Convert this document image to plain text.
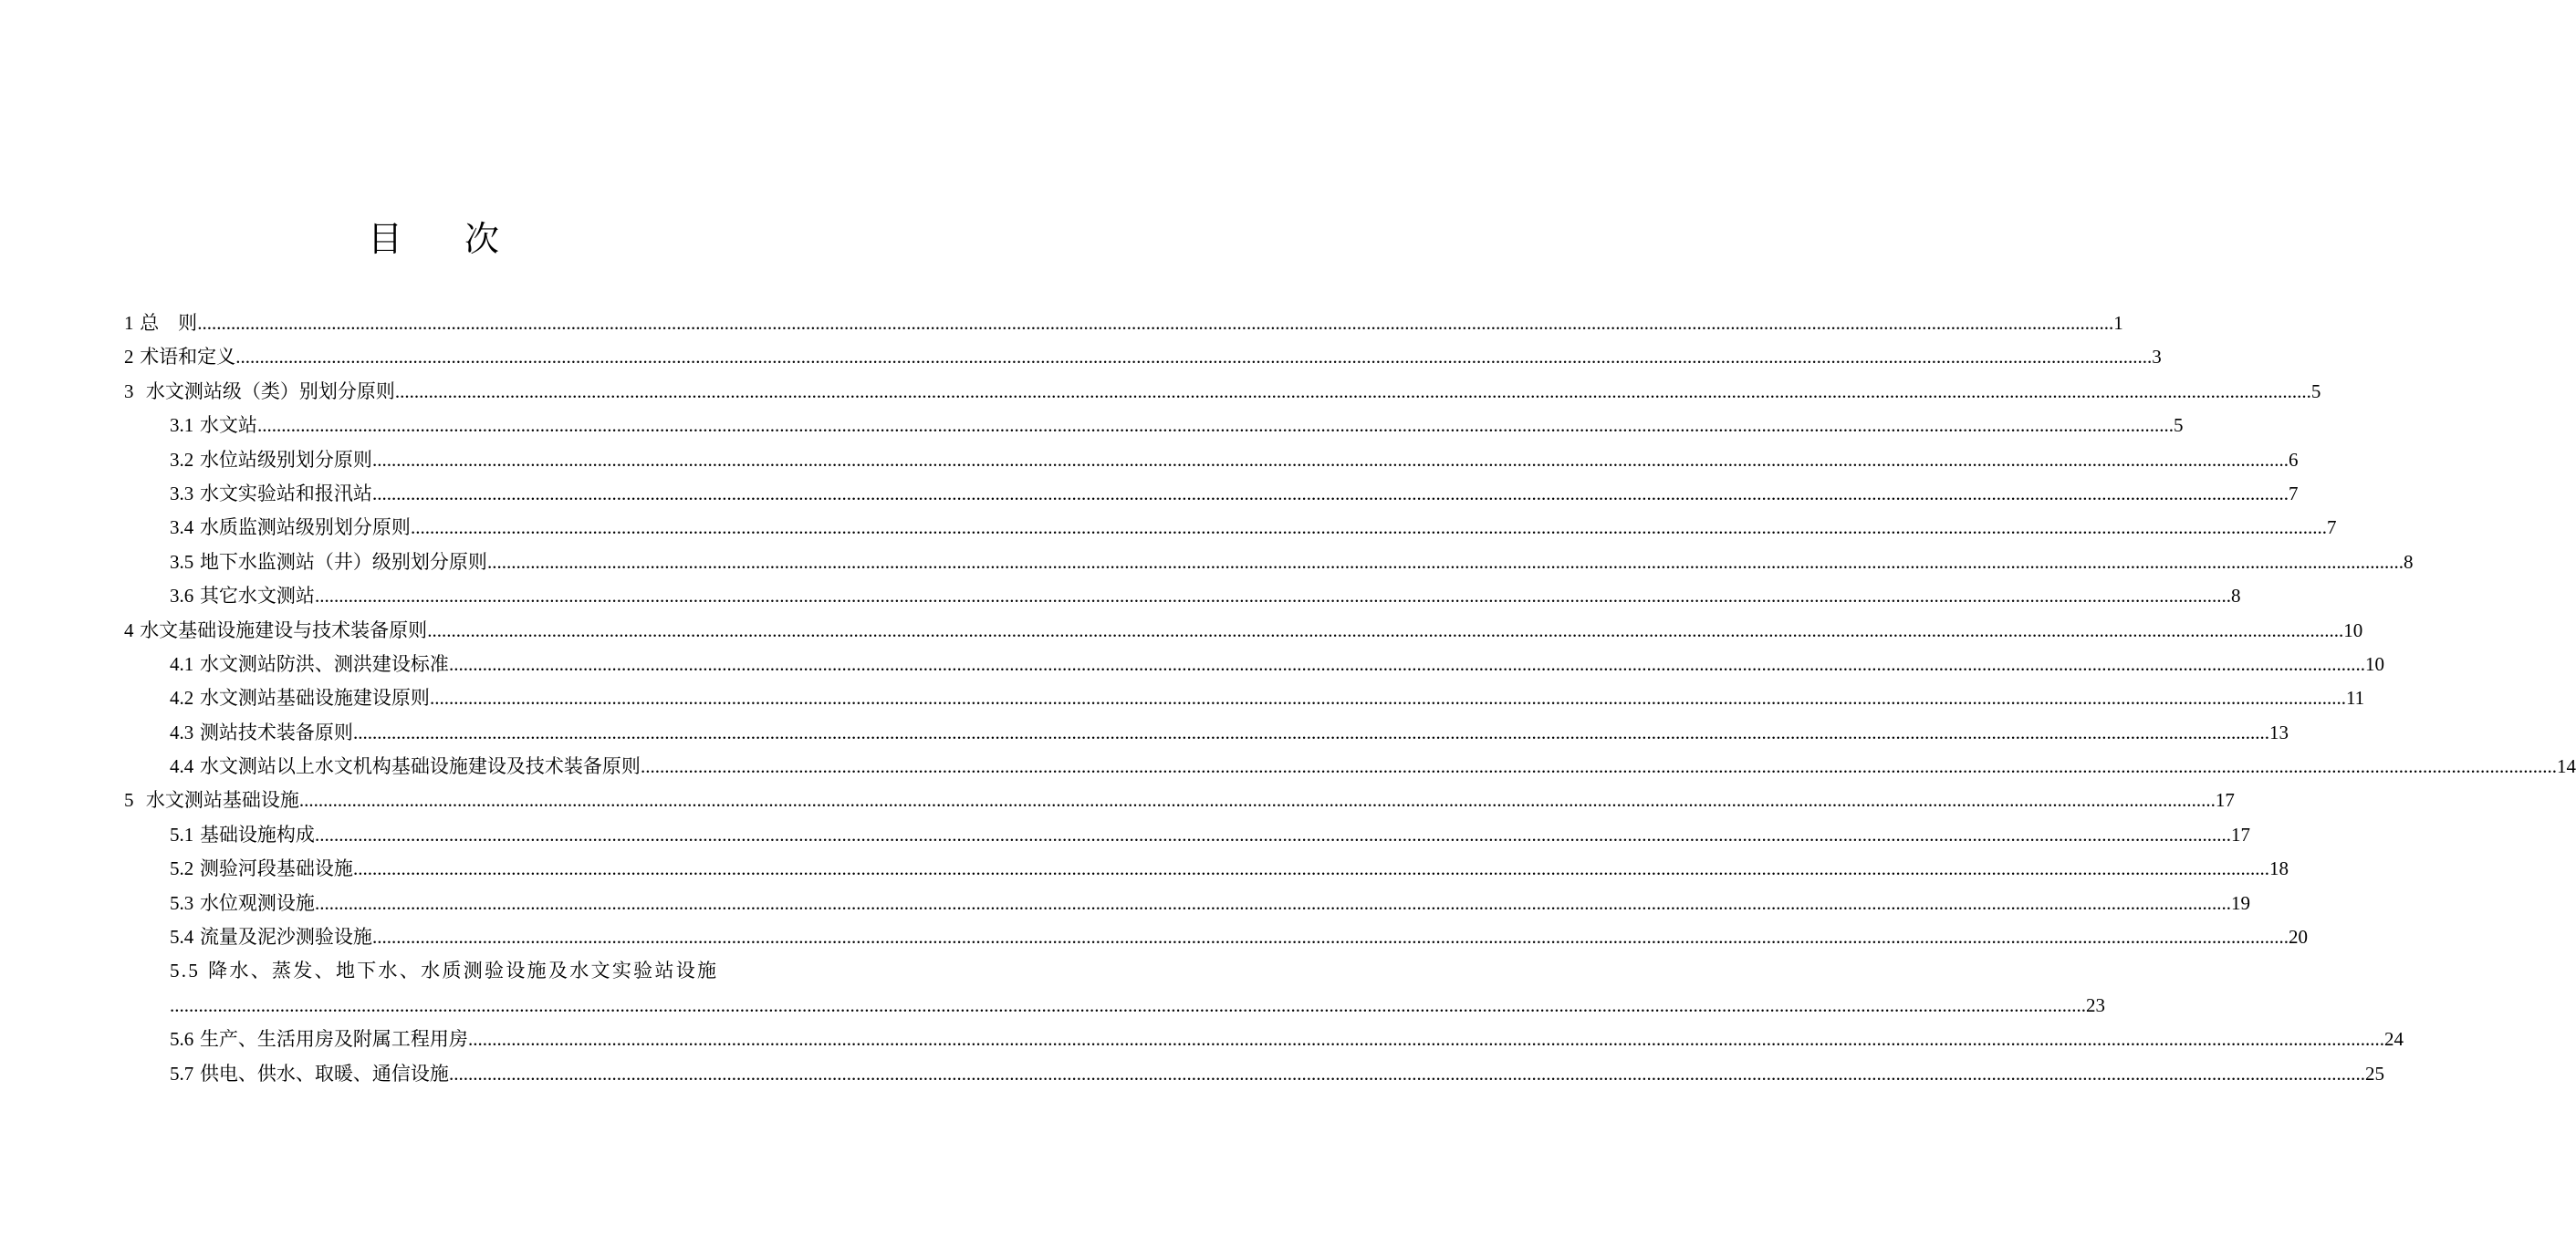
目 次
1 总　则 ................................................................................................................................................................................................................................................................................................................................................................................................................ 1
2 术语和定义 ................................................................................................................................................................................................................................................................................................................................................................................................................ 3
3 水文测站级（类）别划分原则 ................................................................................................................................................................................................................................................................................................................................................................................................................ 5
3.1 水文站 ................................................................................................................................................................................................................................................................................................................................................................................................................ 5
3.2 水位站级别划分原则 ................................................................................................................................................................................................................................................................................................................................................................................................................ 6
3.3 水文实验站和报汛站 ................................................................................................................................................................................................................................................................................................................................................................................................................ 7
3.4 水质监测站级别划分原则 ................................................................................................................................................................................................................................................................................................................................................................................................................ 7
3.5 地下水监测站（井）级别划分原则 ................................................................................................................................................................................................................................................................................................................................................................................................................ 8
3.6 其它水文测站 ................................................................................................................................................................................................................................................................................................................................................................................................................ 8
4 水文基础设施建设与技术装备原则 ................................................................................................................................................................................................................................................................................................................................................................................................................ 10
4.1 水文测站防洪、测洪建设标准 ................................................................................................................................................................................................................................................................................................................................................................................................................ 10
4.2 水文测站基础设施建设原则 ................................................................................................................................................................................................................................................................................................................................................................................................................ 11
4.3 测站技术装备原则 ................................................................................................................................................................................................................................................................................................................................................................................................................ 13
4.4 水文测站以上水文机构基础设施建设及技术装备原则 ................................................................................................................................................................................................................................................................................................................................................................................................................ 14
5 水文测站基础设施 ................................................................................................................................................................................................................................................................................................................................................................................................................ 17
5.1 基础设施构成 ................................................................................................................................................................................................................................................................................................................................................................................................................ 17
5.2 测验河段基础设施 ................................................................................................................................................................................................................................................................................................................................................................................................................ 18
5.3 水位观测设施 ................................................................................................................................................................................................................................................................................................................................................................................................................ 19
5.4 流量及泥沙测验设施 ................................................................................................................................................................................................................................................................................................................................................................................................................ 20
5.5 降水、蒸发、地下水、水质测验设施及水文实验站设施
................................................................................................................................................................................................................................................................................................................................................................................................................ 23
5.6 生产、生活用房及附属工程用房 ................................................................................................................................................................................................................................................................................................................................................................................................................ 24
5.7 供电、供水、取暖、通信设施 ................................................................................................................................................................................................................................................................................................................................................................................................................ 25
